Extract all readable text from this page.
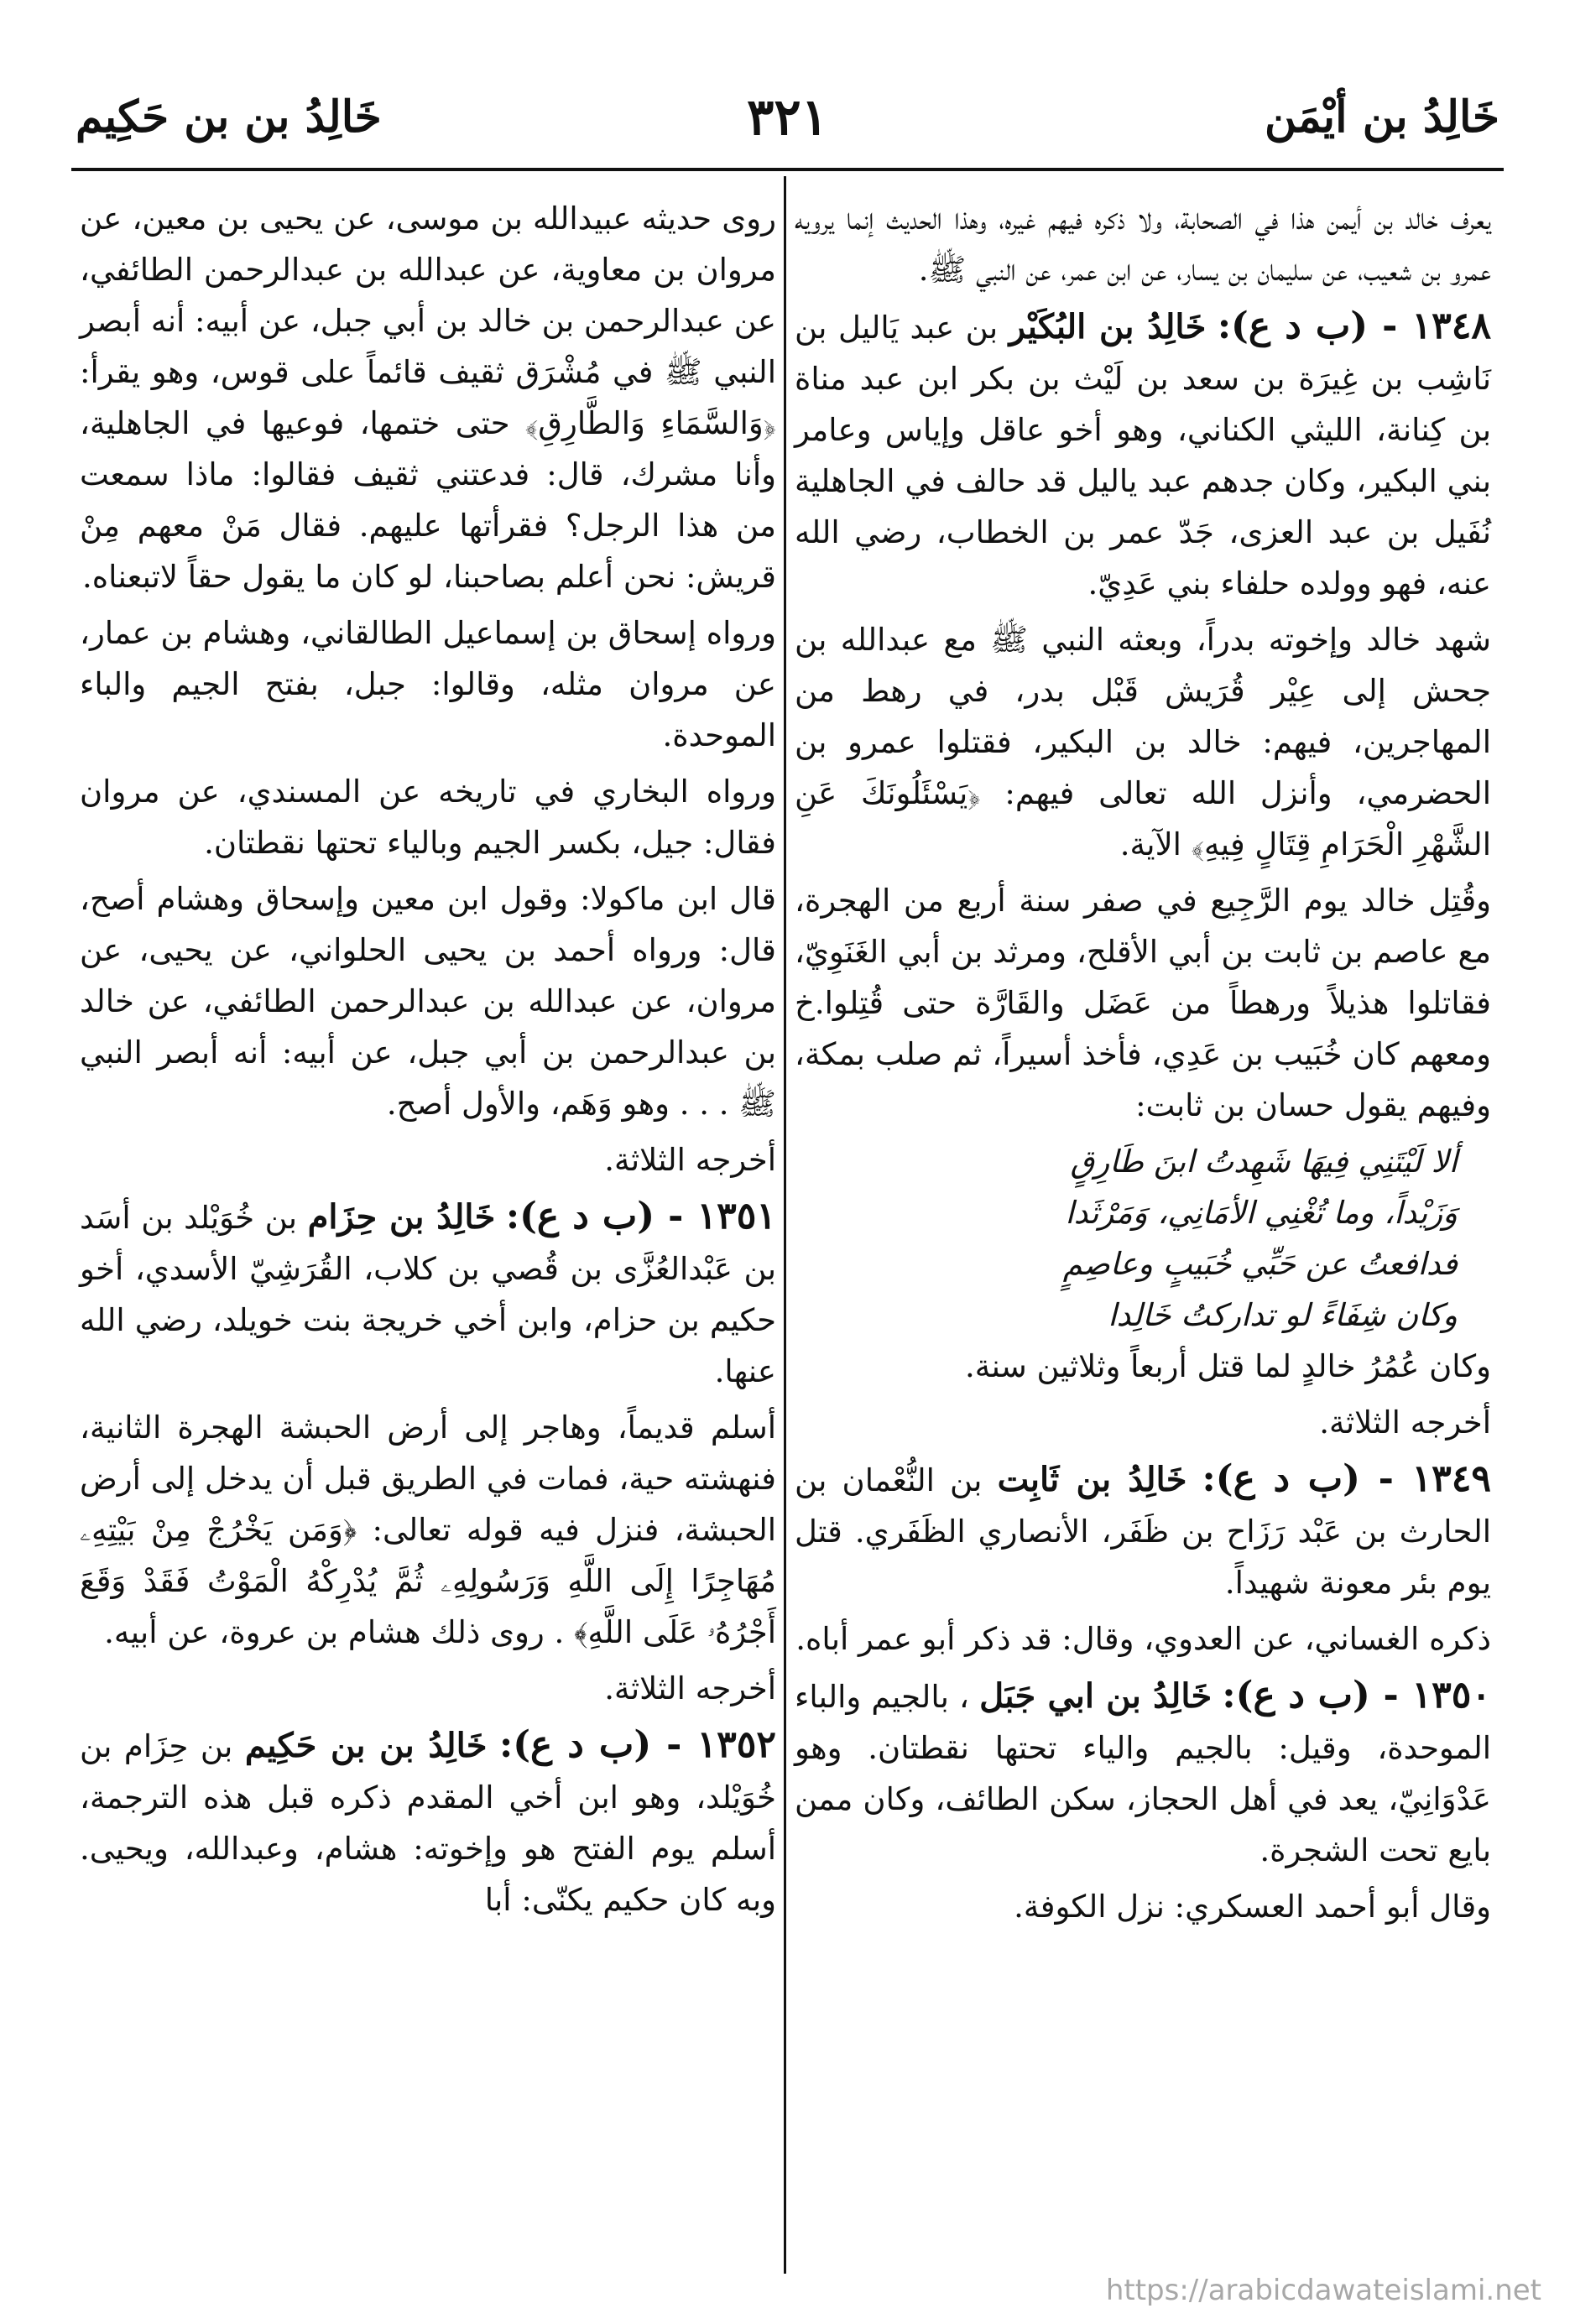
خَالِدُ بن أيْمَن
٣٢١
خَالِدُ بن بن حَكِيم

يعرف خالد بن أيمن هذا في الصحابة، ولا ذكره فيهم غيره، وهذا الحديث إنما يرويه عمرو بن شعيب، عن سليمان بن يسار، عن ابن عمر، عن النبي ﷺ.

١٣٤٨ - (ب د ع): خَالِدُ بن البُكَيْر بن عبد يَاليل بن نَاشِب بن غِيرَة بن سعد بن لَيْث بن بكر ابن عبد مناة بن كِنانة، الليثي الكناني، وهو أخو عاقل وإياس وعامر بني البكير، وكان جدهم عبد ياليل قد حالف في الجاهلية نُفَيل بن عبد العزى، جَدّ عمر بن الخطاب، رضي الله عنه، فهو وولده حلفاء بني عَدِيّ.

شهد خالد وإخوته بدراً، وبعثه النبي ﷺ مع عبدالله بن جحش إلى عِيْر قُرَيش قَبْل بدر، في رهط من المهاجرين، فيهم: خالد بن البكير، فقتلوا عمرو بن الحضرمي، وأنزل الله تعالى فيهم: ﴿يَسْئَلُونَكَ عَنِ الشَّهْرِ الْحَرَامِ قِتَالٍ فِيهِ﴾ الآية.

وقُتِل خالد يوم الرَّجِيع في صفر سنة أربع من الهجرة، مع عاصم بن ثابت بن أبي الأقلح، ومرثد بن أبي الغَنَوِيّ، فقاتلوا هذيلاً ورهطاً من عَضَل والقَارَّة حتى قُتِلوا.خ ومعهم كان خُبَيب بن عَدِي، فأخذ أسيراً، ثم صلب بمكة، وفيهم يقول حسان بن ثابت:

ألا لَيْتَنِي فِيهَا شَهِدتُ ابنَ طَارِقٍ

وَزَيْداً، وما تُغْنِي الأمَانِي، وَمَرْثَدا

فدافعتُ عن حَبِّي خُبَيبٍ وعاصِمٍ

وكان شِفَاءً لو تداركتُ خَالِدا

وكان عُمُرُ خالدٍ لما قتل أربعاً وثلاثين سنة.

أخرجه الثلاثة.

١٣٤٩ - (ب د ع): خَالِدُ بن ثَابِت بن النُّعْمان بن الحارث بن عَبْد رَزَاح بن ظَفَر، الأنصاري الظَفَري. قتل يوم بئر معونة شهيداً.

ذكره الغساني، عن العدوي، وقال: قد ذكر أبو عمر أباه.

١٣٥٠ - (ب د ع): خَالِدُ بن ابي جَبَل ، بالجيم والباء الموحدة، وقيل: بالجيم والياء تحتها نقطتان. وهو عَدْوَانِيّ، يعد في أهل الحجاز، سكن الطائف، وكان ممن بايع تحت الشجرة.

وقال أبو أحمد العسكري: نزل الكوفة.

روى حديثه عبيدالله بن موسى، عن يحيى بن معين، عن مروان بن معاوية، عن عبدالله بن عبدالرحمن الطائفي، عن عبدالرحمن بن خالد بن أبي جبل، عن أبيه: أنه أبصر النبي ﷺ في مُشْرَق ثقيف قائماً على قوس، وهو يقرأ: ﴿وَالسَّمَاءِ وَالطَّارِقِ﴾ حتى ختمها، فوعيها في الجاهلية، وأنا مشرك، قال: فدعتني ثقيف فقالوا: ماذا سمعت من هذا الرجل؟ فقرأتها عليهم. فقال مَنْ معهم مِنْ قريش: نحن أعلم بصاحبنا، لو كان ما يقول حقاً لاتبعناه.

ورواه إسحاق بن إسماعيل الطالقاني، وهشام بن عمار، عن مروان مثله، وقالوا: جبل، بفتح الجيم والباء الموحدة.

ورواه البخاري في تاريخه عن المسندي، عن مروان فقال: جيل، بكسر الجيم وبالياء تحتها نقطتان.

قال ابن ماكولا: وقول ابن معين وإسحاق وهشام أصح، قال: ورواه أحمد بن يحيى الحلواني، عن يحيى، عن مروان، عن عبدالله بن عبدالرحمن الطائفي، عن خالد بن عبدالرحمن بن أبي جبل، عن أبيه: أنه أبصر النبي ﷺ . . . وهو وَهَم، والأول أصح.

أخرجه الثلاثة.

١٣٥١ - (ب د ع): خَالِدُ بن حِزَام بن خُوَيْلد بن أسَد بن عَبْدالعُزَّى بن قُصي بن كلاب، القُرَشِيّ الأسدي، أخو حكيم بن حزام، وابن أخي خريجة بنت خويلد، رضي الله عنها.

أسلم قديماً، وهاجر إلى أرض الحبشة الهجرة الثانية، فنهشته حية، فمات في الطريق قبل أن يدخل إلى أرض الحبشة، فنزل فيه قوله تعالى: ﴿وَمَن يَخْرُجْ مِنْ بَيْتِهِۦ مُهَاجِرًا إِلَى اللَّهِ وَرَسُولِهِۦ ثُمَّ يُدْرِكْهُ الْمَوْتُ فَقَدْ وَقَعَ أَجْرُهُۥ عَلَى اللَّهِ﴾ . روى ذلك هشام بن عروة، عن أبيه.

أخرجه الثلاثة.

١٣٥٢ - (ب د ع): خَالِدُ بن بن حَكِيم بن حِزَام بن خُوَيْلد، وهو ابن أخي المقدم ذكره قبل هذه الترجمة، أسلم يوم الفتح هو وإخوته: هشام، وعبدالله، ويحيى. وبه كان حكيم يكنّى: أبا

https://arabicdawateislami.net
